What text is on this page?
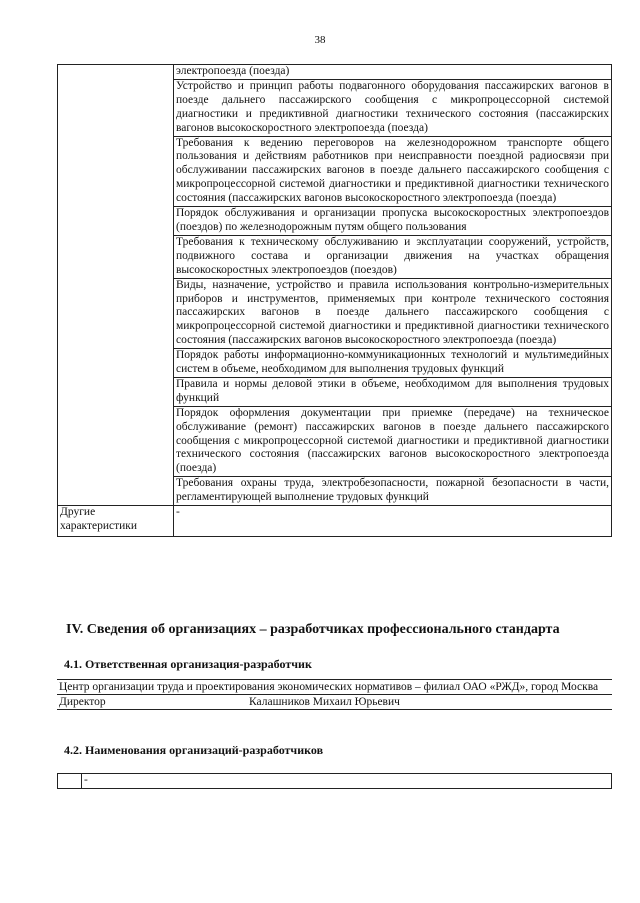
38
	электропоезда (поезда)
	Устройство и принцип работы подвагонного оборудования пассажирских вагонов в поезде дальнего пассажирского сообщения с микропроцессорной системой диагностики и предиктивной диагностики технического состояния (пассажирских вагонов высокоскоростного электропоезда (поезда)
	Требования к ведению переговоров на железнодорожном транспорте общего пользования и действиям работников при неисправности поездной радиосвязи при обслуживании пассажирских вагонов в поезде дальнего пассажирского сообщения с микропроцессорной системой диагностики и предиктивной диагностики технического состояния (пассажирских вагонов высокоскоростного электропоезда (поезда)
	Порядок обслуживания и организации пропуска высокоскоростных электропоездов (поездов) по железнодорожным путям общего пользования
	Требования к техническому обслуживанию и эксплуатации сооружений, устройств, подвижного состава и организации движения на участках обращения высокоскоростных электропоездов (поездов)
	Виды, назначение, устройство и правила использования контрольно-измерительных приборов и инструментов, применяемых при контроле технического состояния пассажирских вагонов в поезде дальнего пассажирского сообщения с микропроцессорной системой диагностики и предиктивной диагностики технического состояния (пассажирских вагонов высокоскоростного электропоезда (поезда)
	Порядок работы информационно-коммуникационных технологий и мультимедийных систем в объеме, необходимом для выполнения трудовых функций
	Правила и нормы деловой этики в объеме, необходимом для выполнения трудовых функций
	Порядок оформления документации при приемке (передаче) на техническое обслуживание (ремонт) пассажирских вагонов в поезде дальнего пассажирского сообщения с микропроцессорной системой диагностики и предиктивной диагностики технического состояния (пассажирских вагонов высокоскоростного электропоезда (поезда)
	Требования охраны труда, электробезопасности, пожарной безопасности в части, регламентирующей выполнение трудовых функций
Другие характеристики	-
IV. Сведения об организациях – разработчиках профессионального стандарта
4.1. Ответственная организация-разработчик
Центр организации труда и проектирования экономических нормативов – филиал ОАО «РЖД», город Москва
Директор	Калашников Михаил Юрьевич
4.2. Наименования организаций-разработчиков
	-
